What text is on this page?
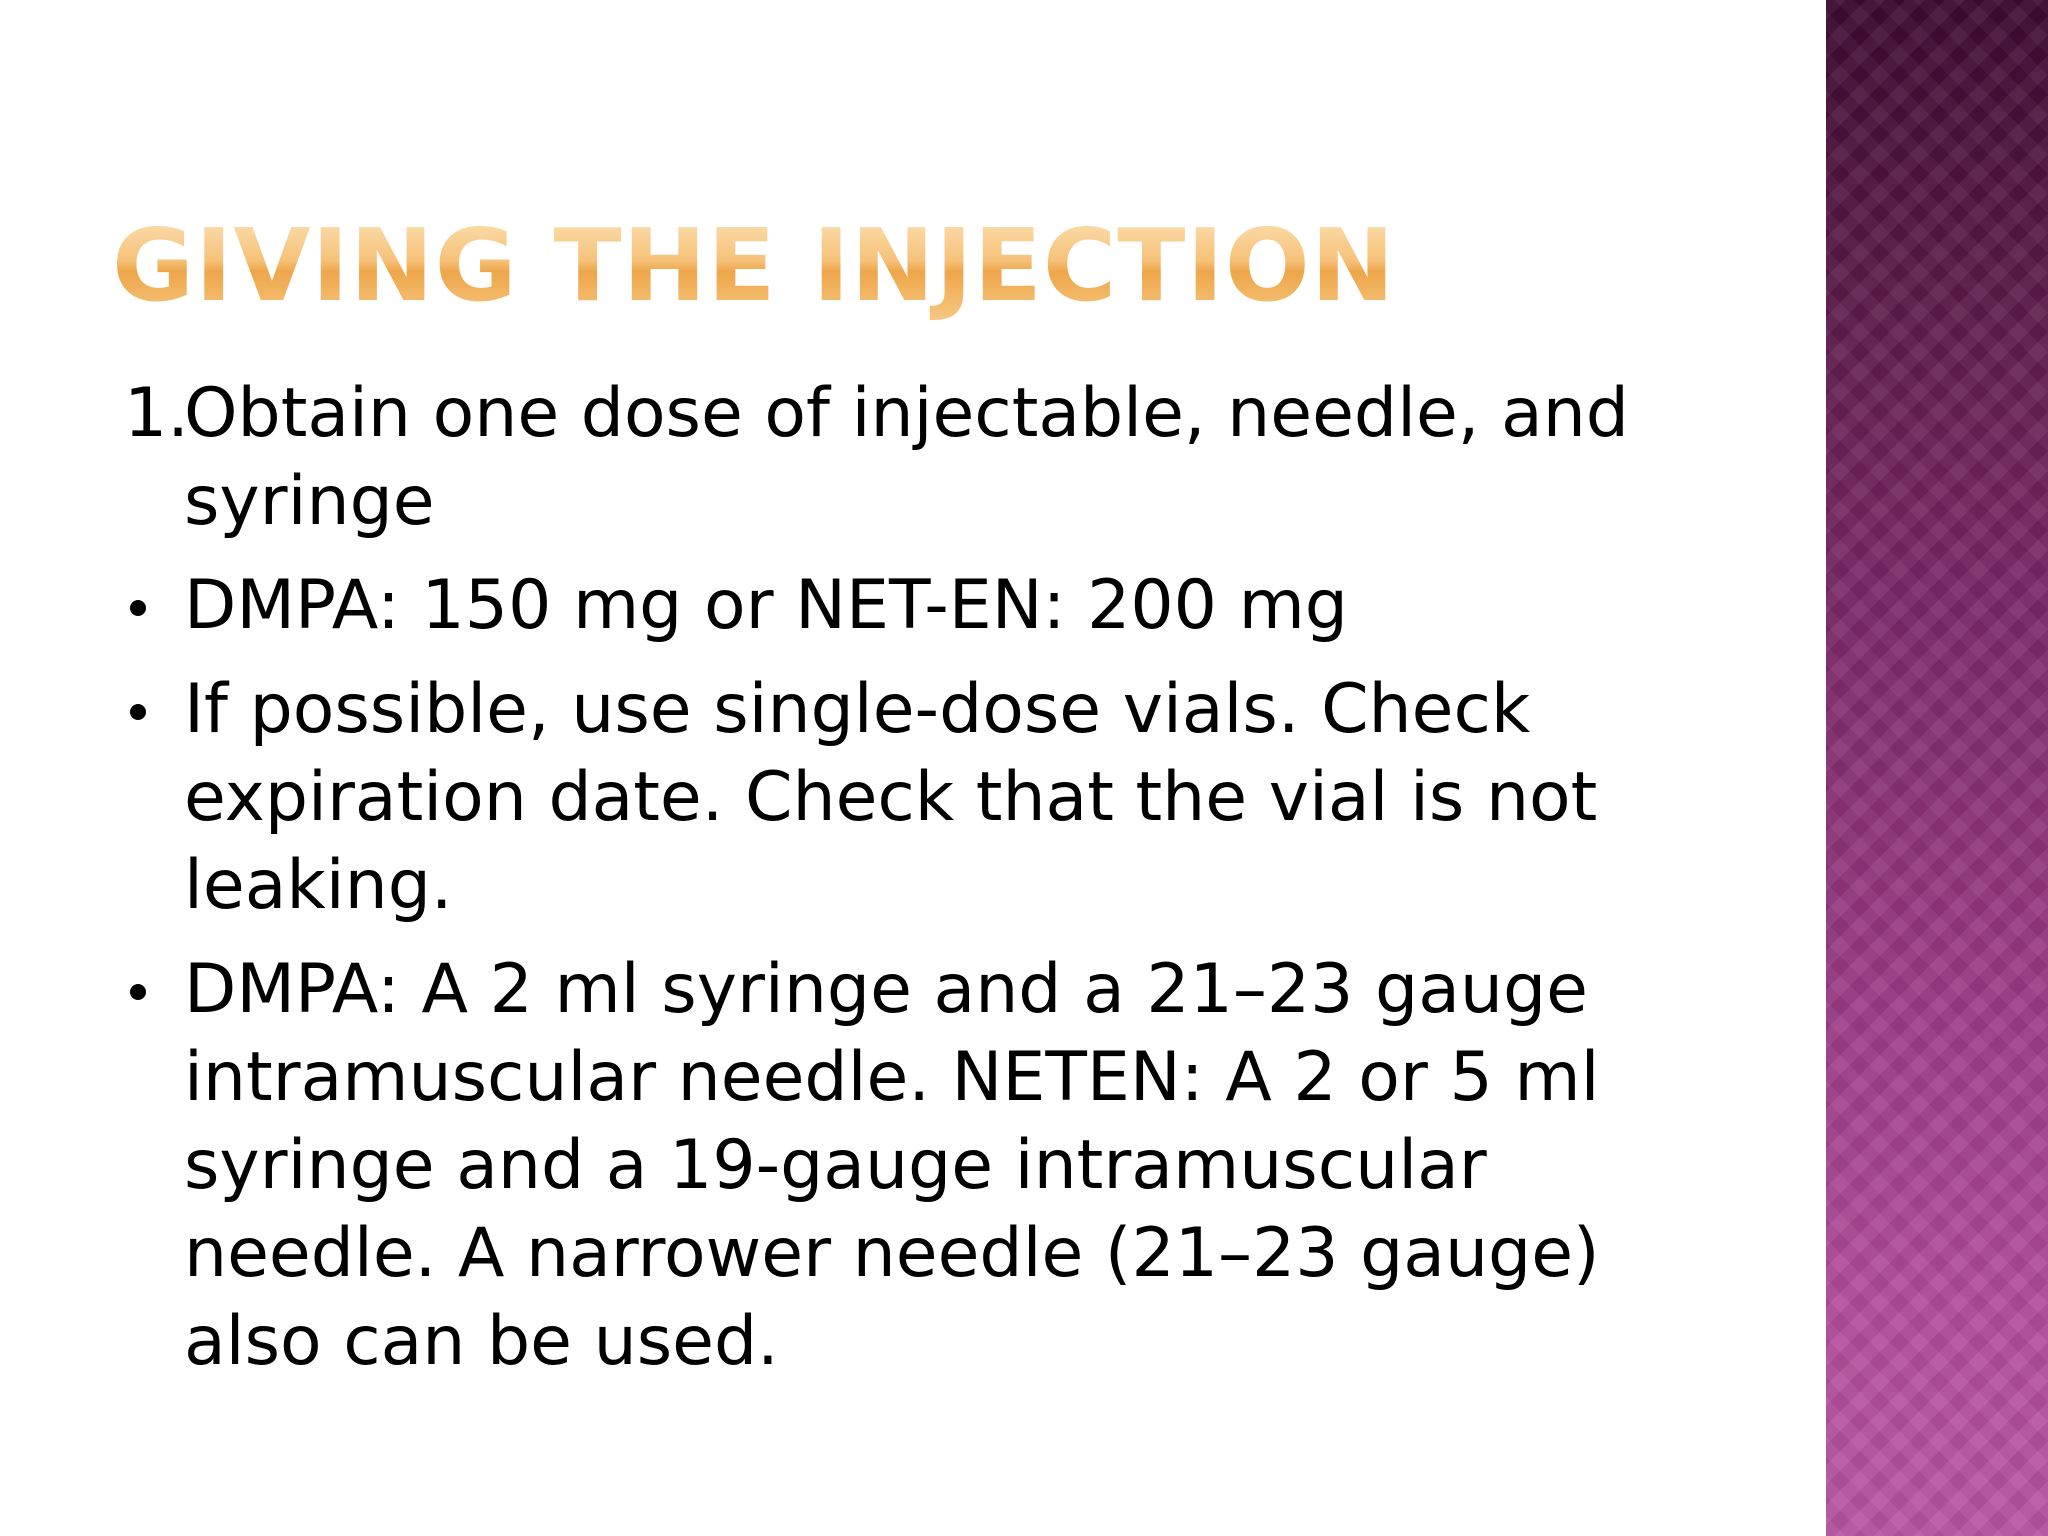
GIVING THE INJECTION
1.
Obtain one dose of injectable, needle, and syringe
DMPA: 150 mg or NET-EN: 200 mg
If possible, use single-dose vials. Check expiration date. Check that the vial is not leaking.
DMPA: A 2 ml syringe and a 21–23 gauge intramuscular needle. NETEN: A 2 or 5 ml syringe and a 19-gauge intramuscular needle. A narrower needle (21–23 gauge) also can be used.
